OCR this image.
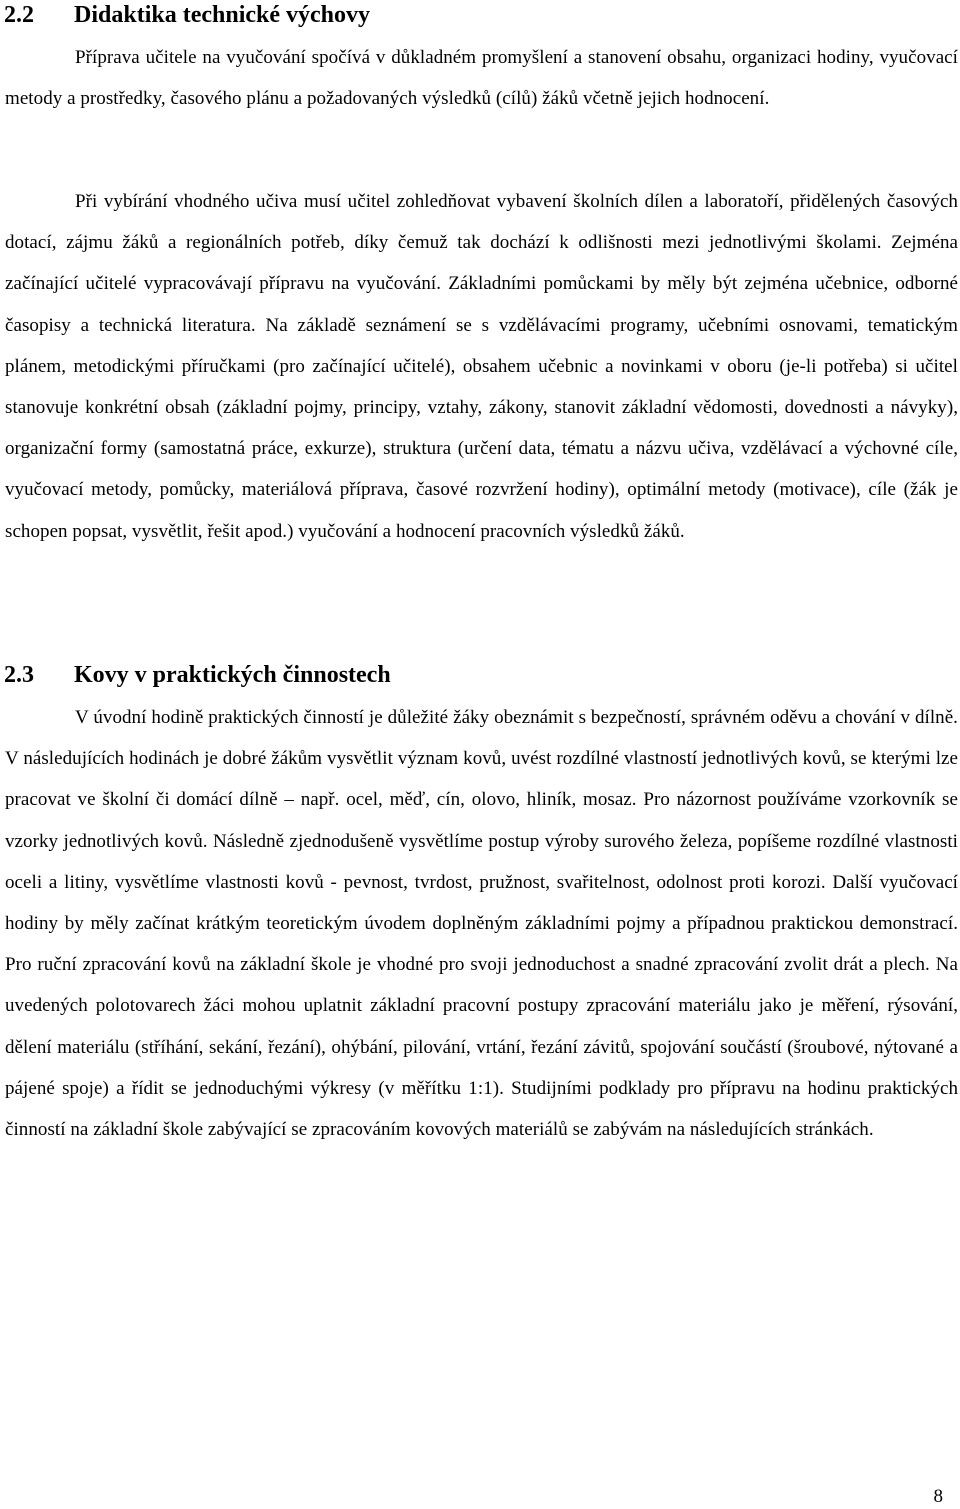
2.2 Didaktika technické výchovy

Příprava učitele na vyučování spočívá v důkladném promyšlení a stanovení obsahu, organizaci hodiny, vyučovací metody a prostředky, časového plánu a požadovaných výsledků (cílů) žáků včetně jejich hodnocení.

Při vybírání vhodného učiva musí učitel zohledňovat vybavení školních dílen a laboratoří, přidělených časových dotací, zájmu žáků a regionálních potřeb, díky čemuž tak dochází k odlišnosti mezi jednotlivými školami. Zejména začínající učitelé vypracovávají přípravu na vyučování. Základními pomůckami by měly být zejména učebnice, odborné časopisy a technická literatura. Na základě seznámení se s vzdělávacími programy, učebními osnovami, tematickým plánem, metodickými příručkami (pro začínající učitelé), obsahem učebnic a novinkami v oboru (je-li potřeba) si učitel stanovuje konkrétní obsah (základní pojmy, principy, vztahy, zákony, stanovit základní vědomosti, dovednosti a návyky), organizační formy (samostatná práce, exkurze), struktura (určení data, tématu a názvu učiva, vzdělávací a výchovné cíle, vyučovací metody, pomůcky, materiálová příprava, časové rozvržení hodiny), optimální metody (motivace), cíle (žák je schopen popsat, vysvětlit, řešit apod.) vyučování a hodnocení pracovních výsledků žáků.

2.3 Kovy v praktických činnostech

V úvodní hodině praktických činností je důležité žáky obeznámit s bezpečností, správném oděvu a chování v dílně. V následujících hodinách je dobré žákům vysvětlit význam kovů, uvést rozdílné vlastností jednotlivých kovů, se kterými lze pracovat ve školní či domácí dílně – např. ocel, měď, cín, olovo, hliník, mosaz. Pro názornost používáme vzorkovník se vzorky jednotlivých kovů. Následně zjednodušeně vysvětlíme postup výroby surového železa, popíšeme rozdílné vlastnosti oceli a litiny, vysvětlíme vlastnosti kovů - pevnost, tvrdost, pružnost, svařitelnost, odolnost proti korozi. Další vyučovací hodiny by měly začínat krátkým teoretickým úvodem doplněným základními pojmy a případnou praktickou demonstrací. Pro ruční zpracování kovů na základní škole je vhodné pro svoji jednoduchost a snadné zpracování zvolit drát a plech. Na uvedených polotovarech žáci mohou uplatnit základní pracovní postupy zpracování materiálu jako je měření, rýsování, dělení materiálu (stříhání, sekání, řezání), ohýbání, pilování, vrtání, řezání závitů, spojování součástí (šroubové, nýtované a pájené spoje) a řídit se jednoduchými výkresy (v měřítku 1:1). Studijními podklady pro přípravu na hodinu praktických činností na základní škole zabývající se zpracováním kovových materiálů se zabývám na následujících stránkách.

8
